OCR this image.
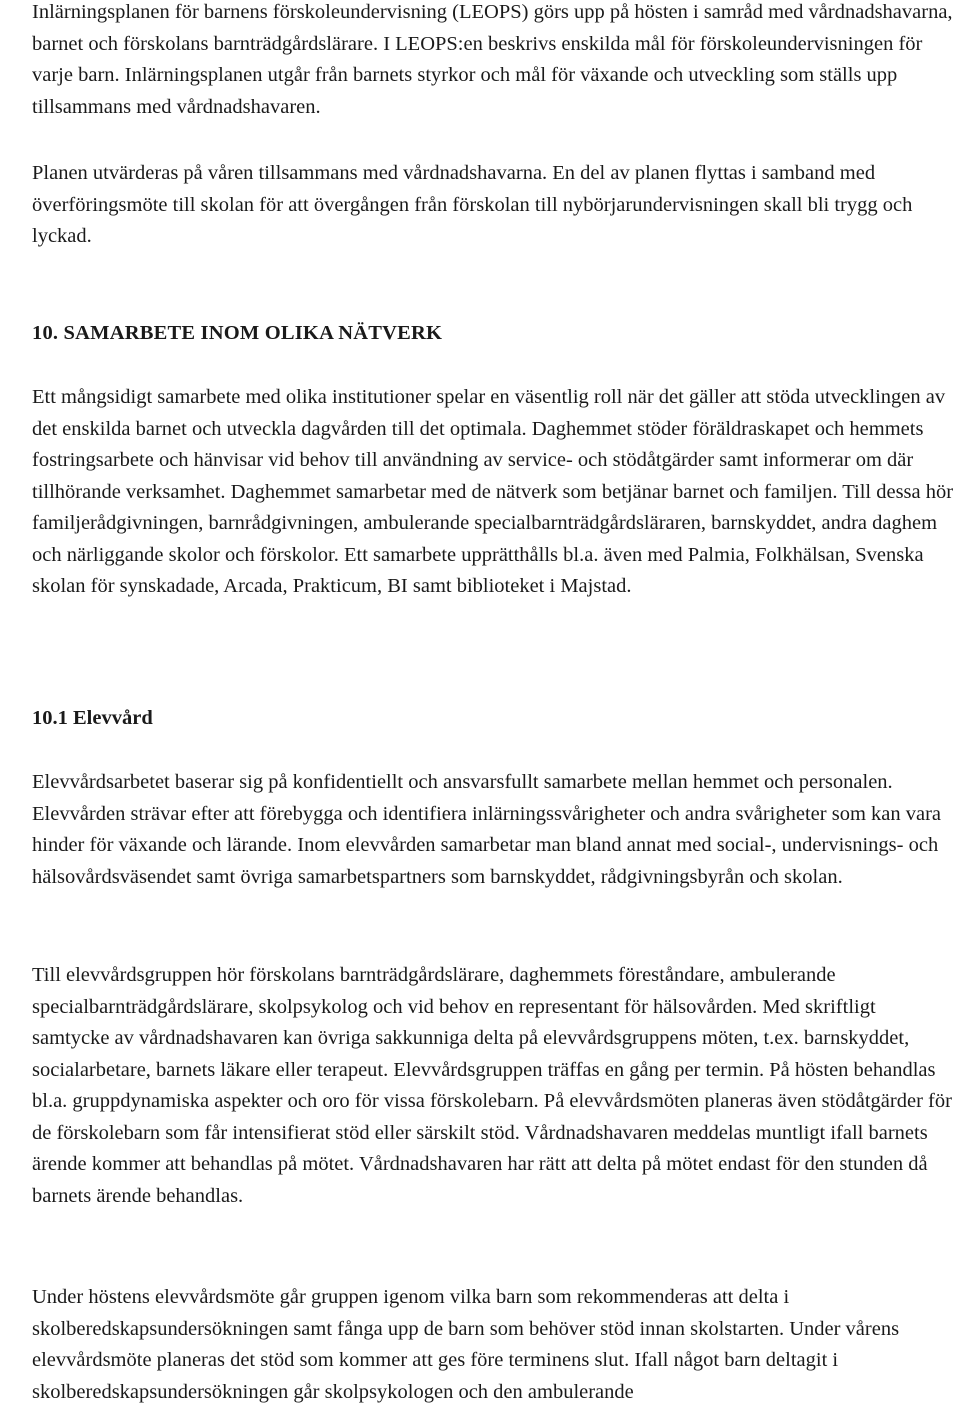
Inlärningsplanen för barnens förskoleundervisning (LEOPS) görs upp på hösten i samråd med vårdnadshavarna, barnet och förskolans barnträdgårdslärare. I LEOPS:en beskrivs enskilda mål för förskoleundervisningen för varje barn. Inlärningsplanen utgår från barnets styrkor och mål för växande och utveckling som ställs upp tillsammans med vårdnadshavaren.

Planen utvärderas på våren tillsammans med vårdnadshavarna. En del av planen flyttas i samband med överföringsmöte till skolan för att övergången från förskolan till nybörjarundervisningen skall bli trygg och lyckad.

10. SAMARBETE INOM OLIKA NÄTVERK

Ett mångsidigt samarbete med olika institutioner spelar en väsentlig roll när det gäller att stöda utvecklingen av det enskilda barnet och utveckla dagvården till det optimala. Daghemmet stöder föräldraskapet och hemmets fostringsarbete och hänvisar vid behov till användning av service- och stödåtgärder samt informerar om där tillhörande verksamhet. Daghemmet samarbetar med de nätverk som betjänar barnet och familjen. Till dessa hör familjerådgivningen, barnrådgivningen, ambulerande specialbarnträdgårdsläraren, barnskyddet, andra daghem och närliggande skolor och förskolor. Ett samarbete upprätthålls bl.a. även med Palmia, Folkhälsan, Svenska skolan för synskadade, Arcada, Prakticum, BI samt biblioteket i Majstad.

10.1 Elevvård

Elevvårdsarbetet baserar sig på konfidentiellt och ansvarsfullt samarbete mellan hemmet och personalen. Elevvården strävar efter att förebygga och identifiera inlärningssvårigheter och andra svårigheter som kan vara hinder för växande och lärande. Inom elevvården samarbetar man bland annat med social-, undervisnings- och hälsovårdsväsendet samt övriga samarbetspartners som barnskyddet, rådgivningsbyrån och skolan.

Till elevvårdsgruppen hör förskolans barnträdgårdslärare, daghemmets föreståndare, ambulerande specialbarnträdgårdslärare, skolpsykolog och vid behov en representant för hälsovården. Med skriftligt samtycke av vårdnadshavaren kan övriga sakkunniga delta på elevvårdsgruppens möten, t.ex. barnskyddet, socialarbetare, barnets läkare eller terapeut. Elevvårdsgruppen träffas en gång per termin. På hösten behandlas bl.a. gruppdynamiska aspekter och oro för vissa förskolebarn. På elevvårdsmöten planeras även stödåtgärder för de förskolebarn som får intensifierat stöd eller särskilt stöd. Vårdnadshavaren meddelas muntligt ifall barnets ärende kommer att behandlas på mötet. Vårdnadshavaren har rätt att delta på mötet endast för den stunden då barnets ärende behandlas.

Under höstens elevvårdsmöte går gruppen igenom vilka barn som rekommenderas att delta i skolberedskapsundersökningen samt fånga upp de barn som behöver stöd innan skolstarten. Under vårens elevvårdsmöte planeras det stöd som kommer att ges före terminens slut. Ifall något barn deltagit i skolberedskapsundersökningen går skolpsykologen och den ambulerande
